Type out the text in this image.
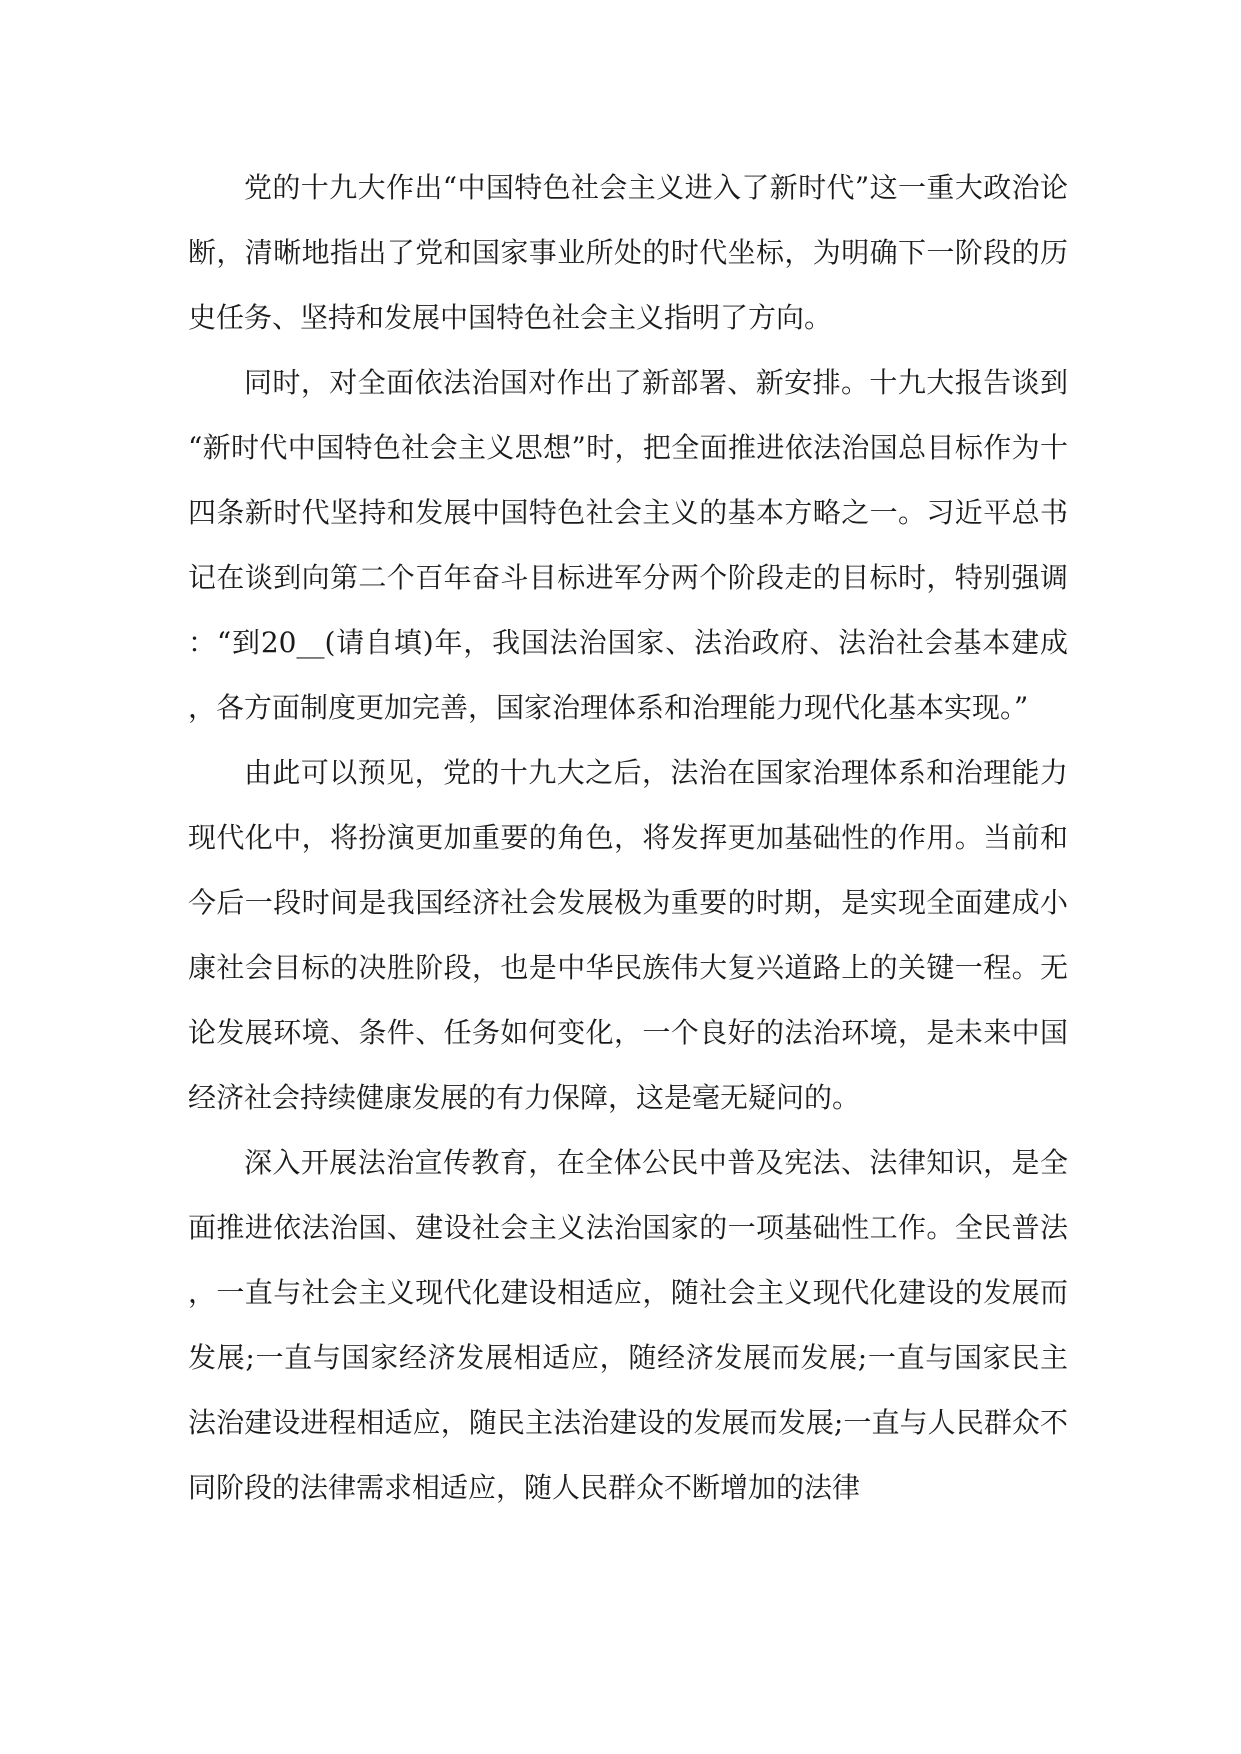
党的十九大作出“中国特色社会主义进入了新时代”这一重大政治论断，清晰地指出了党和国家事业所处的时代坐标，为明确下一阶段的历史任务、坚持和发展中国特色社会主义指明了方向。

同时，对全面依法治国对作出了新部署、新安排。十九大报告谈到“新时代中国特色社会主义思想”时，把全面推进依法治国总目标作为十四条新时代坚持和发展中国特色社会主义的基本方略之一。习近平总书记在谈到向第二个百年奋斗目标进军分两个阶段走的目标时，特别强调：“到20__(请自填)年，我国法治国家、法治政府、法治社会基本建成，各方面制度更加完善，国家治理体系和治理能力现代化基本实现。”

由此可以预见，党的十九大之后，法治在国家治理体系和治理能力现代化中，将扮演更加重要的角色，将发挥更加基础性的作用。当前和今后一段时间是我国经济社会发展极为重要的时期，是实现全面建成小康社会目标的决胜阶段，也是中华民族伟大复兴道路上的关键一程。无论发展环境、条件、任务如何变化，一个良好的法治环境，是未来中国经济社会持续健康发展的有力保障，这是毫无疑问的。

深入开展法治宣传教育，在全体公民中普及宪法、法律知识，是全面推进依法治国、建设社会主义法治国家的一项基础性工作。全民普法，一直与社会主义现代化建设相适应，随社会主义现代化建设的发展而发展;一直与国家经济发展相适应，随经济发展而发展;一直与国家民主法治建设进程相适应，随民主法治建设的发展而发展;一直与人民群众不同阶段的法律需求相适应，随人民群众不断增加的法律
